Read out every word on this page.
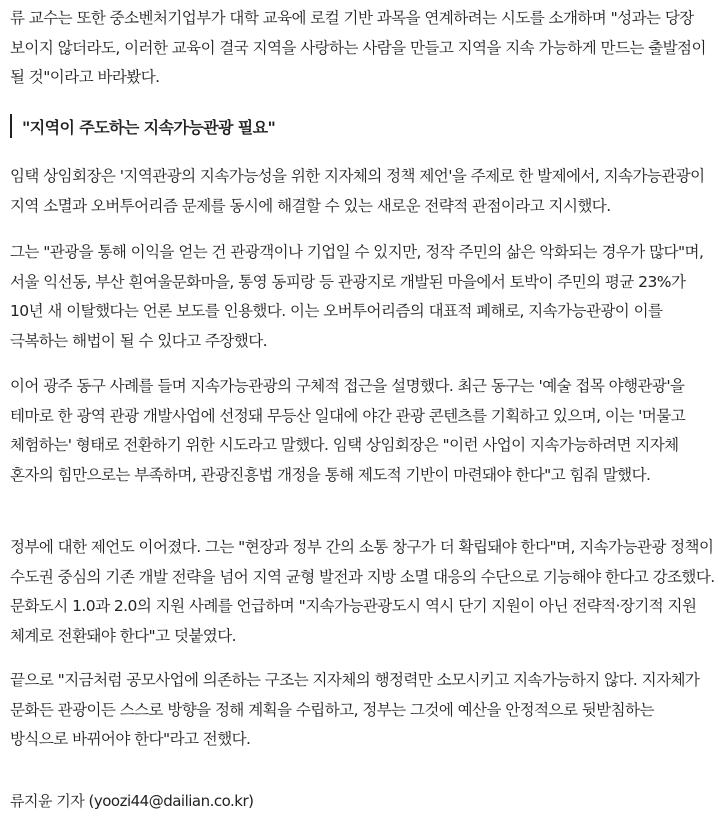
류 교수는 또한 중소벤처기업부가 대학 교육에 로컬 기반 과목을 연계하려는 시도를 소개하며 "성과는 당장 보이지 않더라도, 이러한 교육이 결국 지역을 사랑하는 사람을 만들고 지역을 지속 가능하게 만드는 출발점이 될 것"이라고 바라봤다.

"지역이 주도하는 지속가능관광 필요"

임택 상임회장은 '지역관광의 지속가능성을 위한 지자체의 정책 제언'을 주제로 한 발제에서, 지속가능관광이 지역 소멸과 오버투어리즘 문제를 동시에 해결할 수 있는 새로운 전략적 관점이라고 지시했다.

그는 "관광을 통해 이익을 얻는 건 관광객이나 기업일 수 있지만, 정작 주민의 삶은 악화되는 경우가 많다"며, 서울 익선동, 부산 흰여울문화마을, 통영 동피랑 등 관광지로 개발된 마을에서 토박이 주민의 평균 23%가 10년 새 이탈했다는 언론 보도를 인용했다. 이는 오버투어리즘의 대표적 폐해로, 지속가능관광이 이를 극복하는 해법이 될 수 있다고 주장했다.

이어 광주 동구 사례를 들며 지속가능관광의 구체적 접근을 설명했다. 최근 동구는 '예술 접목 야행관광'을 테마로 한 광역 관광 개발사업에 선정돼 무등산 일대에 야간 관광 콘텐츠를 기획하고 있으며, 이는 '머물고 체험하는' 형태로 전환하기 위한 시도라고 말했다. 임택 상임회장은 "이런 사업이 지속가능하려면 지자체 혼자의 힘만으로는 부족하며, 관광진흥법 개정을 통해 제도적 기반이 마련돼야 한다"고 힘줘 말했다.

정부에 대한 제언도 이어졌다. 그는 "현장과 정부 간의 소통 창구가 더 확립돼야 한다"며, 지속가능관광 정책이 수도권 중심의 기존 개발 전략을 넘어 지역 균형 발전과 지방 소멸 대응의 수단으로 기능해야 한다고 강조했다. 문화도시 1.0과 2.0의 지원 사례를 언급하며 "지속가능관광도시 역시 단기 지원이 아닌 전략적·장기적 지원 체계로 전환돼야 한다"고 덧붙였다.

끝으로 "지금처럼 공모사업에 의존하는 구조는 지자체의 행정력만 소모시키고 지속가능하지 않다. 지자체가 문화든 관광이든 스스로 방향을 정해 계획을 수립하고, 정부는 그것에 예산을 안정적으로 뒷받침하는 방식으로 바뀌어야 한다"라고 전했다.

류지윤 기자 (yoozi44@dailian.co.kr)
